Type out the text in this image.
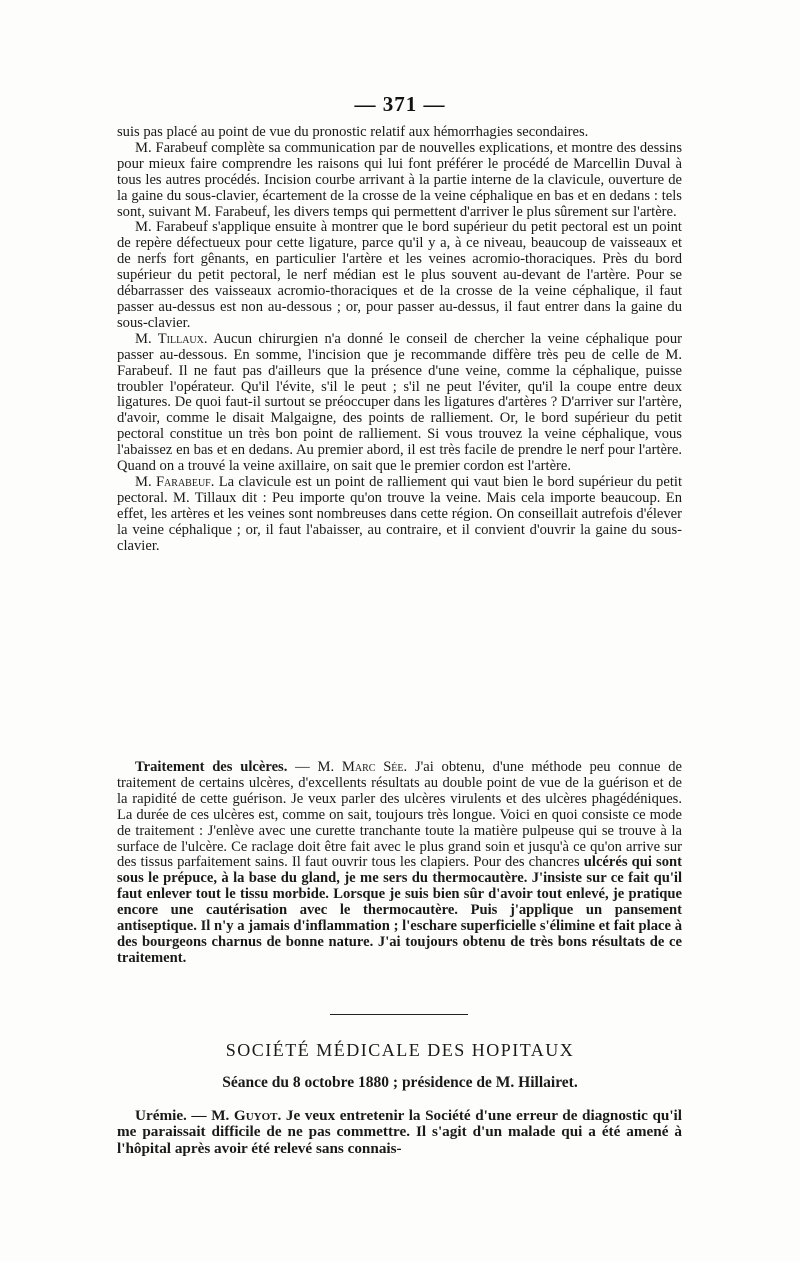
— 371 —

suis pas placé au point de vue du pronostic relatif aux hémorrhagies secondaires.

M. Farabeuf complète sa communication par de nouvelles explications, et montre des dessins pour mieux faire comprendre les raisons qui lui font préférer le procédé de Marcellin Duval à tous les autres procédés. Incision courbe arrivant à la partie interne de la clavicule, ouverture de la gaine du sous-clavier, écartement de la crosse de la veine céphalique en bas et en dedans : tels sont, suivant M. Farabeuf, les divers temps qui permettent d'arriver le plus sûrement sur l'artère.

M. Farabeuf s'applique ensuite à montrer que le bord supérieur du petit pectoral est un point de repère défectueux pour cette ligature, parce qu'il y a, à ce niveau, beaucoup de vaisseaux et de nerfs fort gênants, en particulier l'artère et les veines acromio-thoraciques. Près du bord supérieur du petit pectoral, le nerf médian est le plus souvent au-devant de l'artère. Pour se débarrasser des vaisseaux acromio-thoraciques et de la crosse de la veine céphalique, il faut passer au-dessus est non au-dessous ; or, pour passer au-dessus, il faut entrer dans la gaine du sous-clavier.

M. Tillaux. Aucun chirurgien n'a donné le conseil de chercher la veine céphalique pour passer au-dessous. En somme, l'incision que je recommande diffère très peu de celle de M. Farabeuf. Il ne faut pas d'ailleurs que la présence d'une veine, comme la céphalique, puisse troubler l'opérateur. Qu'il l'évite, s'il le peut ; s'il ne peut l'éviter, qu'il la coupe entre deux ligatures. De quoi faut-il surtout se préoccuper dans les ligatures d'artères ? D'arriver sur l'artère, d'avoir, comme le disait Malgaigne, des points de ralliement. Or, le bord supérieur du petit pectoral constitue un très bon point de ralliement. Si vous trouvez la veine céphalique, vous l'abaissez en bas et en dedans. Au premier abord, il est très facile de prendre le nerf pour l'artère. Quand on a trouvé la veine axillaire, on sait que le premier cordon est l'artère.

M. Farabeuf. La clavicule est un point de ralliement qui vaut bien le bord supérieur du petit pectoral. M. Tillaux dit : Peu importe qu'on trouve la veine. Mais cela importe beaucoup. En effet, les artères et les veines sont nombreuses dans cette région. On conseillait autrefois d'élever la veine céphalique ; or, il faut l'abaisser, au contraire, et il convient d'ouvrir la gaine du sous-clavier.

Traitement des ulcères. — M. Marc Sée. J'ai obtenu, d'une méthode peu connue de traitement de certains ulcères, d'excellents résultats au double point de vue de la guérison et de la rapidité de cette guérison. Je veux parler des ulcères virulents et des ulcères phagédéniques. La durée de ces ulcères est, comme on sait, toujours très longue. Voici en quoi consiste ce mode de traitement : J'enlève avec une curette tranchante toute la matière pulpeuse qui se trouve à la surface de l'ulcère. Ce raclage doit être fait avec le plus grand soin et jusqu'à ce qu'on arrive sur des tissus parfaitement sains. Il faut ouvrir tous les clapiers. Pour des chancres ulcérés qui sont sous le prépuce, à la base du gland, je me sers du thermocautère. J'insiste sur ce fait qu'il faut enlever tout le tissu morbide. Lorsque je suis bien sûr d'avoir tout enlevé, je pratique encore une cautérisation avec le thermocautère. Puis j'applique un pansement antiseptique. Il n'y a jamais d'inflammation ; l'eschare superficielle s'élimine et fait place à des bourgeons charnus de bonne nature. J'ai toujours obtenu de très bons résultats de ce traitement.

SOCIÉTÉ MÉDICALE DES HOPITAUX
Séance du 8 octobre 1880 ; présidence de M. Hillairet.

Urémie. — M. Guyot. Je veux entretenir la Société d'une erreur de diagnostic qu'il me paraissait difficile de ne pas commettre. Il s'agit d'un malade qui a été amené à l'hôpital après avoir été relevé sans connais-
